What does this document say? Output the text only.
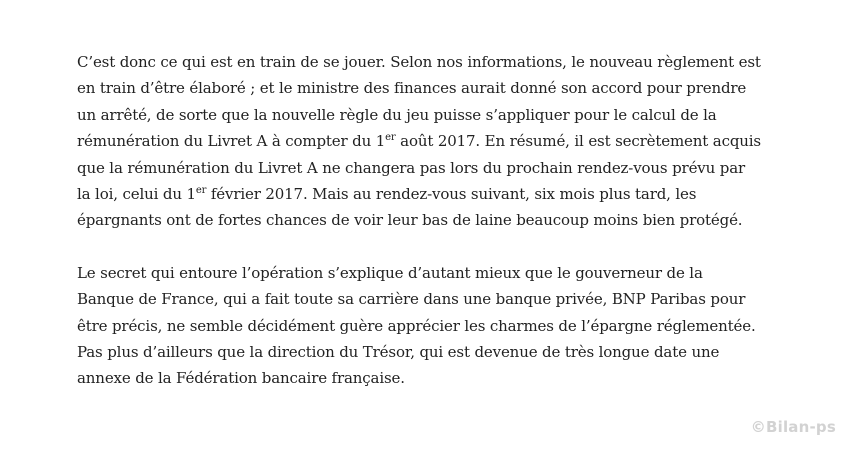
C’est donc ce qui est en train de se jouer. Selon nos informations, le nouveau règlement est
en train d’être élaboré ; et le ministre des finances aurait donné son accord pour prendre
un arrêté, de sorte que la nouvelle règle du jeu puisse s’appliquer pour le calcul de la
rémunération du Livret A à compter du 1er août 2017. En résumé, il est secrètement acquis
que la rémunération du Livret A ne changera pas lors du prochain rendez-vous prévu par
la loi, celui du 1er février 2017. Mais au rendez-vous suivant, six mois plus tard, les
épargnants ont de fortes chances de voir leur bas de laine beaucoup moins bien protégé.

Le secret qui entoure l’opération s’explique d’autant mieux que le gouverneur de la
Banque de France, qui a fait toute sa carrière dans une banque privée, BNP Paribas pour
être précis, ne semble décidément guère apprécier les charmes de l’épargne réglementée.
Pas plus d’ailleurs que la direction du Trésor, qui est devenue de très longue date une
annexe de la Fédération bancaire française.

©Bilan-ps
